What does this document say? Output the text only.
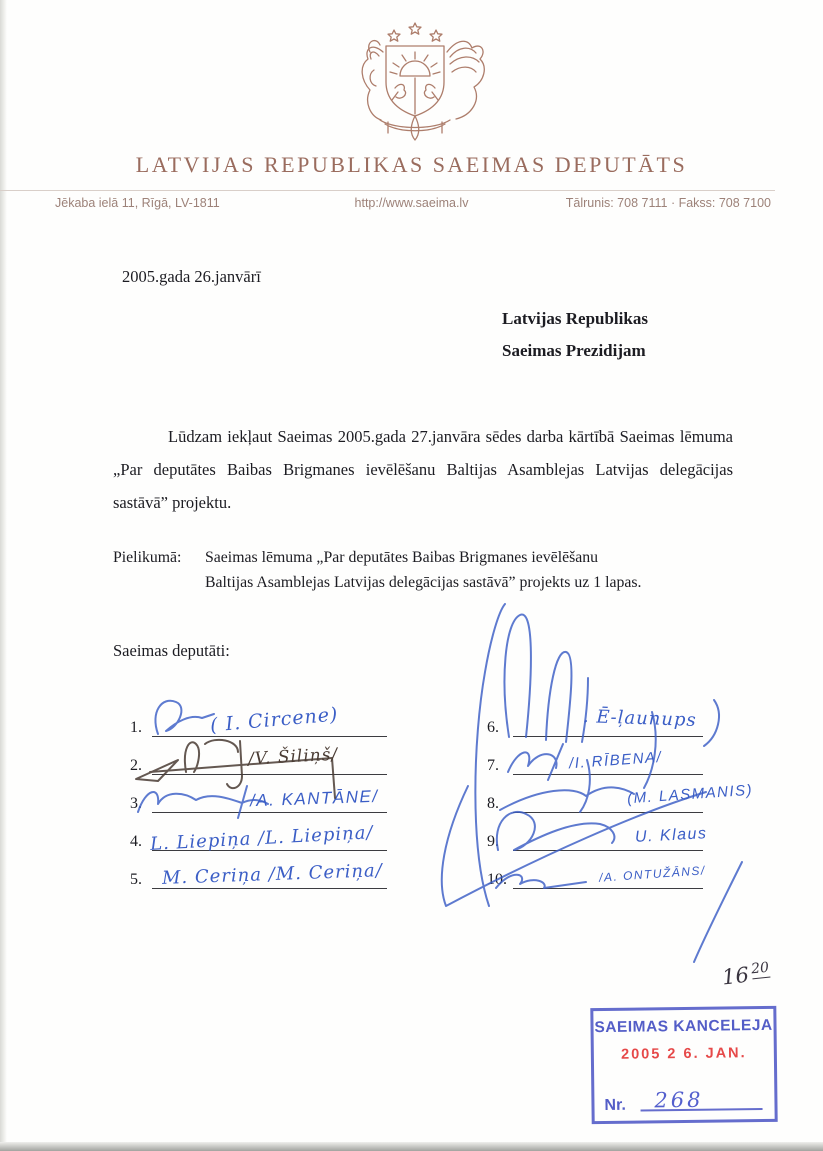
LATVIJAS REPUBLIKAS SAEIMAS DEPUTĀTS
Jēkaba ielā 11, Rīgā, LV-1811	http://www.saeima.lv	Tālrunis: 708 7111 · Fakss: 708 7100
2005.gada 26.janvārī
Latvijas Republikas
Saeimas Prezidijam
Lūdzam iekļaut Saeimas 2005.gada 27.janvāra sēdes darba kārtībā Saeimas lēmuma „Par deputātes Baibas Brigmanes ievēlēšanu Baltijas Asamblejas Latvijas delegācijas sastāvā” projektu.
Pielikumā: Saeimas lēmuma „Par deputātes Baibas Brigmanes ievēlēšanu
Baltijas Asamblejas Latvijas delegācijas sastāvā” projekts uz 1 lapas.
Saeimas deputāti:
1.	( I. Circene)
2.	/V. Šiliņš/
3.	/A. KANTĀNE/
4. L. Liepiņa /L. Liepiņa/
5. M. Ceriņa /M. Ceriņa/
6.	. Ē-ļaunups
7.	/I. RĪBENA/
8.	(M. LASMANIS)
9.	U. Klaus
10.	/A. ONTUŽĀNS/
$16^{20}$
SAEIMAS KANCELEJA
2005 2 6. JAN.
Nr. 268
